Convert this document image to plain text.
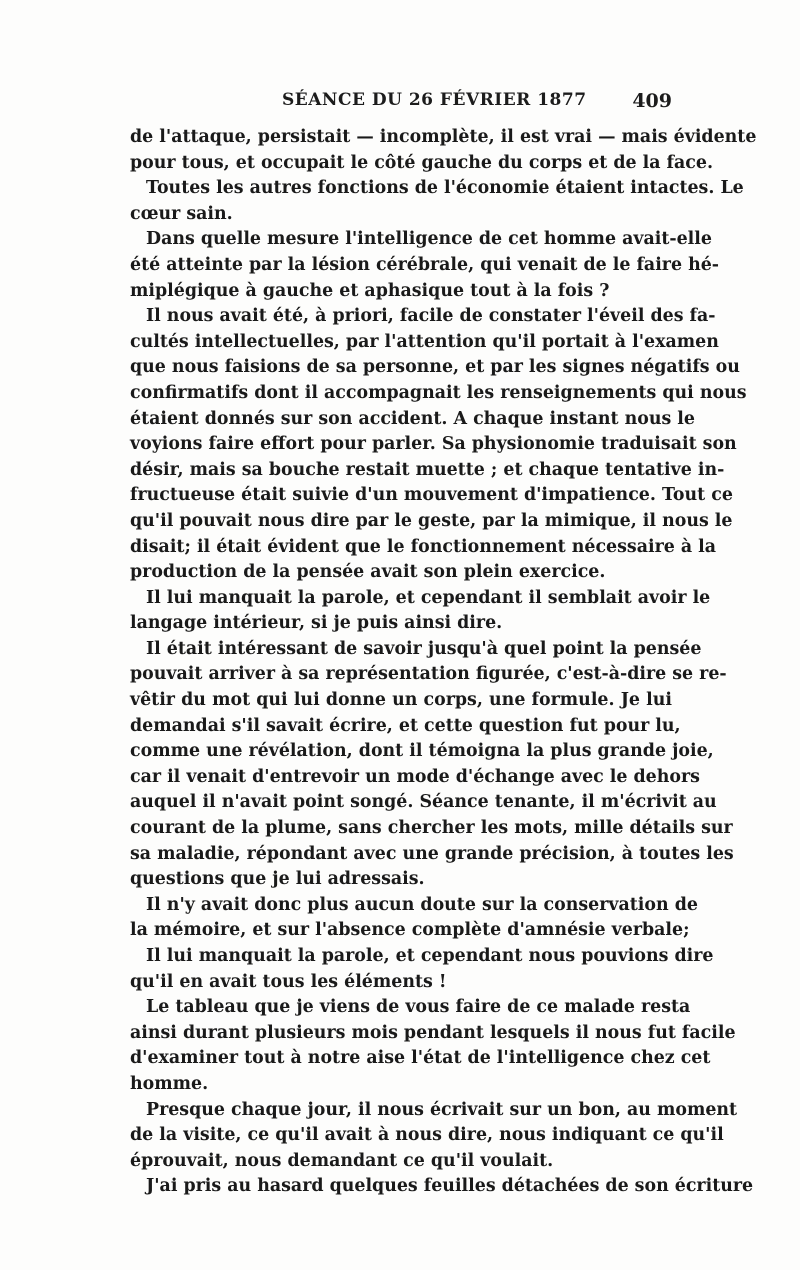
SÉANCE DU 26 FÉVRIER 1877 409
de l'attaque, persistait — incomplète, il est vrai — mais évidente
pour tous, et occupait le côté gauche du corps et de la face.
Toutes les autres fonctions de l'économie étaient intactes. Le
cœur sain.
Dans quelle mesure l'intelligence de cet homme avait-elle
été atteinte par la lésion cérébrale, qui venait de le faire hé-
miplégique à gauche et aphasique tout à la fois ?
Il nous avait été, à priori, facile de constater l'éveil des fa-
cultés intellectuelles, par l'attention qu'il portait à l'examen
que nous faisions de sa personne, et par les signes négatifs ou
confirmatifs dont il accompagnait les renseignements qui nous
étaient donnés sur son accident. A chaque instant nous le
voyions faire effort pour parler. Sa physionomie traduisait son
désir, mais sa bouche restait muette ; et chaque tentative in-
fructueuse était suivie d'un mouvement d'impatience. Tout ce
qu'il pouvait nous dire par le geste, par la mimique, il nous le
disait; il était évident que le fonctionnement nécessaire à la
production de la pensée avait son plein exercice.
Il lui manquait la parole, et cependant il semblait avoir le
langage intérieur, si je puis ainsi dire.
Il était intéressant de savoir jusqu'à quel point la pensée
pouvait arriver à sa représentation figurée, c'est-à-dire se re-
vêtir du mot qui lui donne un corps, une formule. Je lui
demandai s'il savait écrire, et cette question fut pour lu,
comme une révélation, dont il témoigna la plus grande joie,
car il venait d'entrevoir un mode d'échange avec le dehors
auquel il n'avait point songé. Séance tenante, il m'écrivit au
courant de la plume, sans chercher les mots, mille détails sur
sa maladie, répondant avec une grande précision, à toutes les
questions que je lui adressais.
Il n'y avait donc plus aucun doute sur la conservation de
la mémoire, et sur l'absence complète d'amnésie verbale;
Il lui manquait la parole, et cependant nous pouvions dire
qu'il en avait tous les éléments !
Le tableau que je viens de vous faire de ce malade resta
ainsi durant plusieurs mois pendant lesquels il nous fut facile
d'examiner tout à notre aise l'état de l'intelligence chez cet
homme.
Presque chaque jour, il nous écrivait sur un bon, au moment
de la visite, ce qu'il avait à nous dire, nous indiquant ce qu'il
éprouvait, nous demandant ce qu'il voulait.
J'ai pris au hasard quelques feuilles détachées de son écriture
